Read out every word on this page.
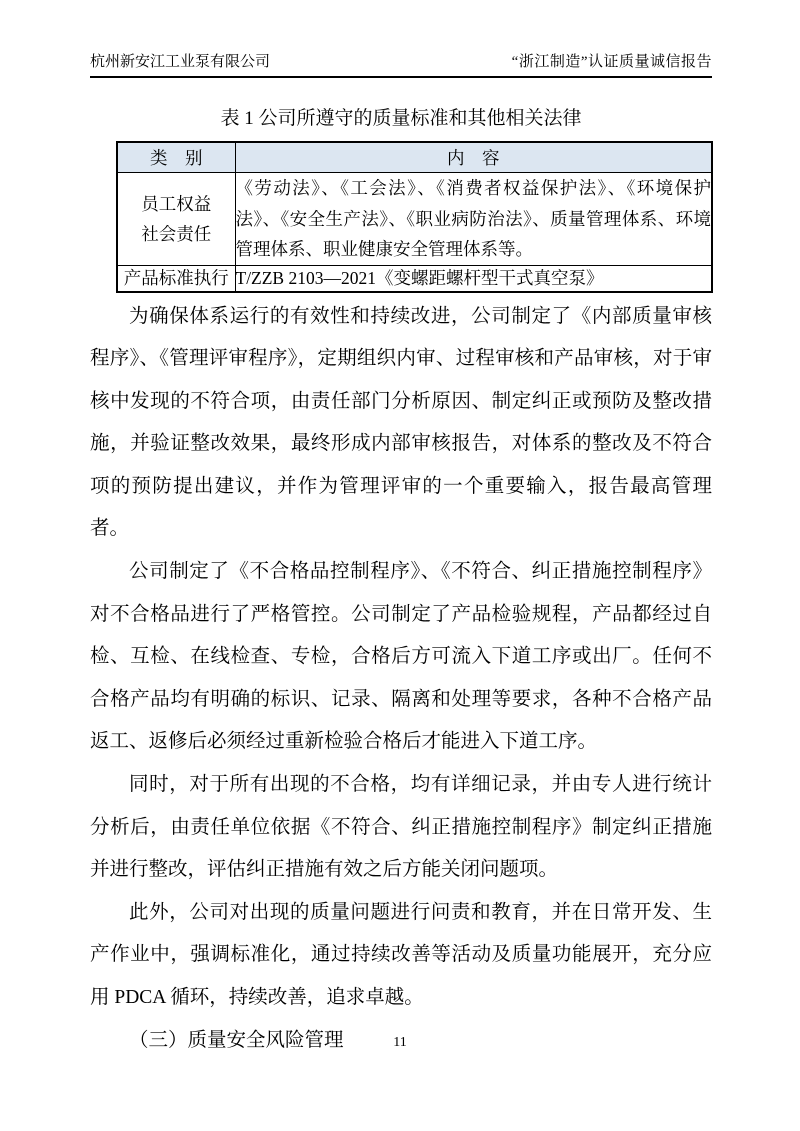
杭州新安江工业泵有限公司	“浙江制造”认证质量诚信报告

表 1 公司所遵守的质量标准和其他相关法律

类　别	内　容

员工权益
社会责任	《劳动法》、《工会法》、《消费者权益保护法》、《环境保护法》、《安全生产法》、《职业病防治法》、质量管理体系、环境管理体系、职业健康安全管理体系等。

产品标准执行	T/ZZB 2103—2021《变螺距螺杆型干式真空泵》

为确保体系运行的有效性和持续改进，公司制定了《内部质量审核程序》、《管理评审程序》，定期组织内审、过程审核和产品审核，对于审核中发现的不符合项，由责任部门分析原因、制定纠正或预防及整改措施，并验证整改效果，最终形成内部审核报告，对体系的整改及不符合项的预防提出建议，并作为管理评审的一个重要输入，报告最高管理者。

公司制定了《不合格品控制程序》、《不符合、纠正措施控制程序》对不合格品进行了严格管控。公司制定了产品检验规程，产品都经过自检、互检、在线检查、专检，合格后方可流入下道工序或出厂。任何不合格产品均有明确的标识、记录、隔离和处理等要求，各种不合格产品返工、返修后必须经过重新检验合格后才能进入下道工序。

同时，对于所有出现的不合格，均有详细记录，并由专人进行统计分析后，由责任单位依据《不符合、纠正措施控制程序》制定纠正措施并进行整改，评估纠正措施有效之后方能关闭问题项。

此外，公司对出现的质量问题进行问责和教育，并在日常开发、生产作业中，强调标准化，通过持续改善等活动及质量功能展开，充分应用 PDCA 循环，持续改善，追求卓越。

（三）质量安全风险管理	11
